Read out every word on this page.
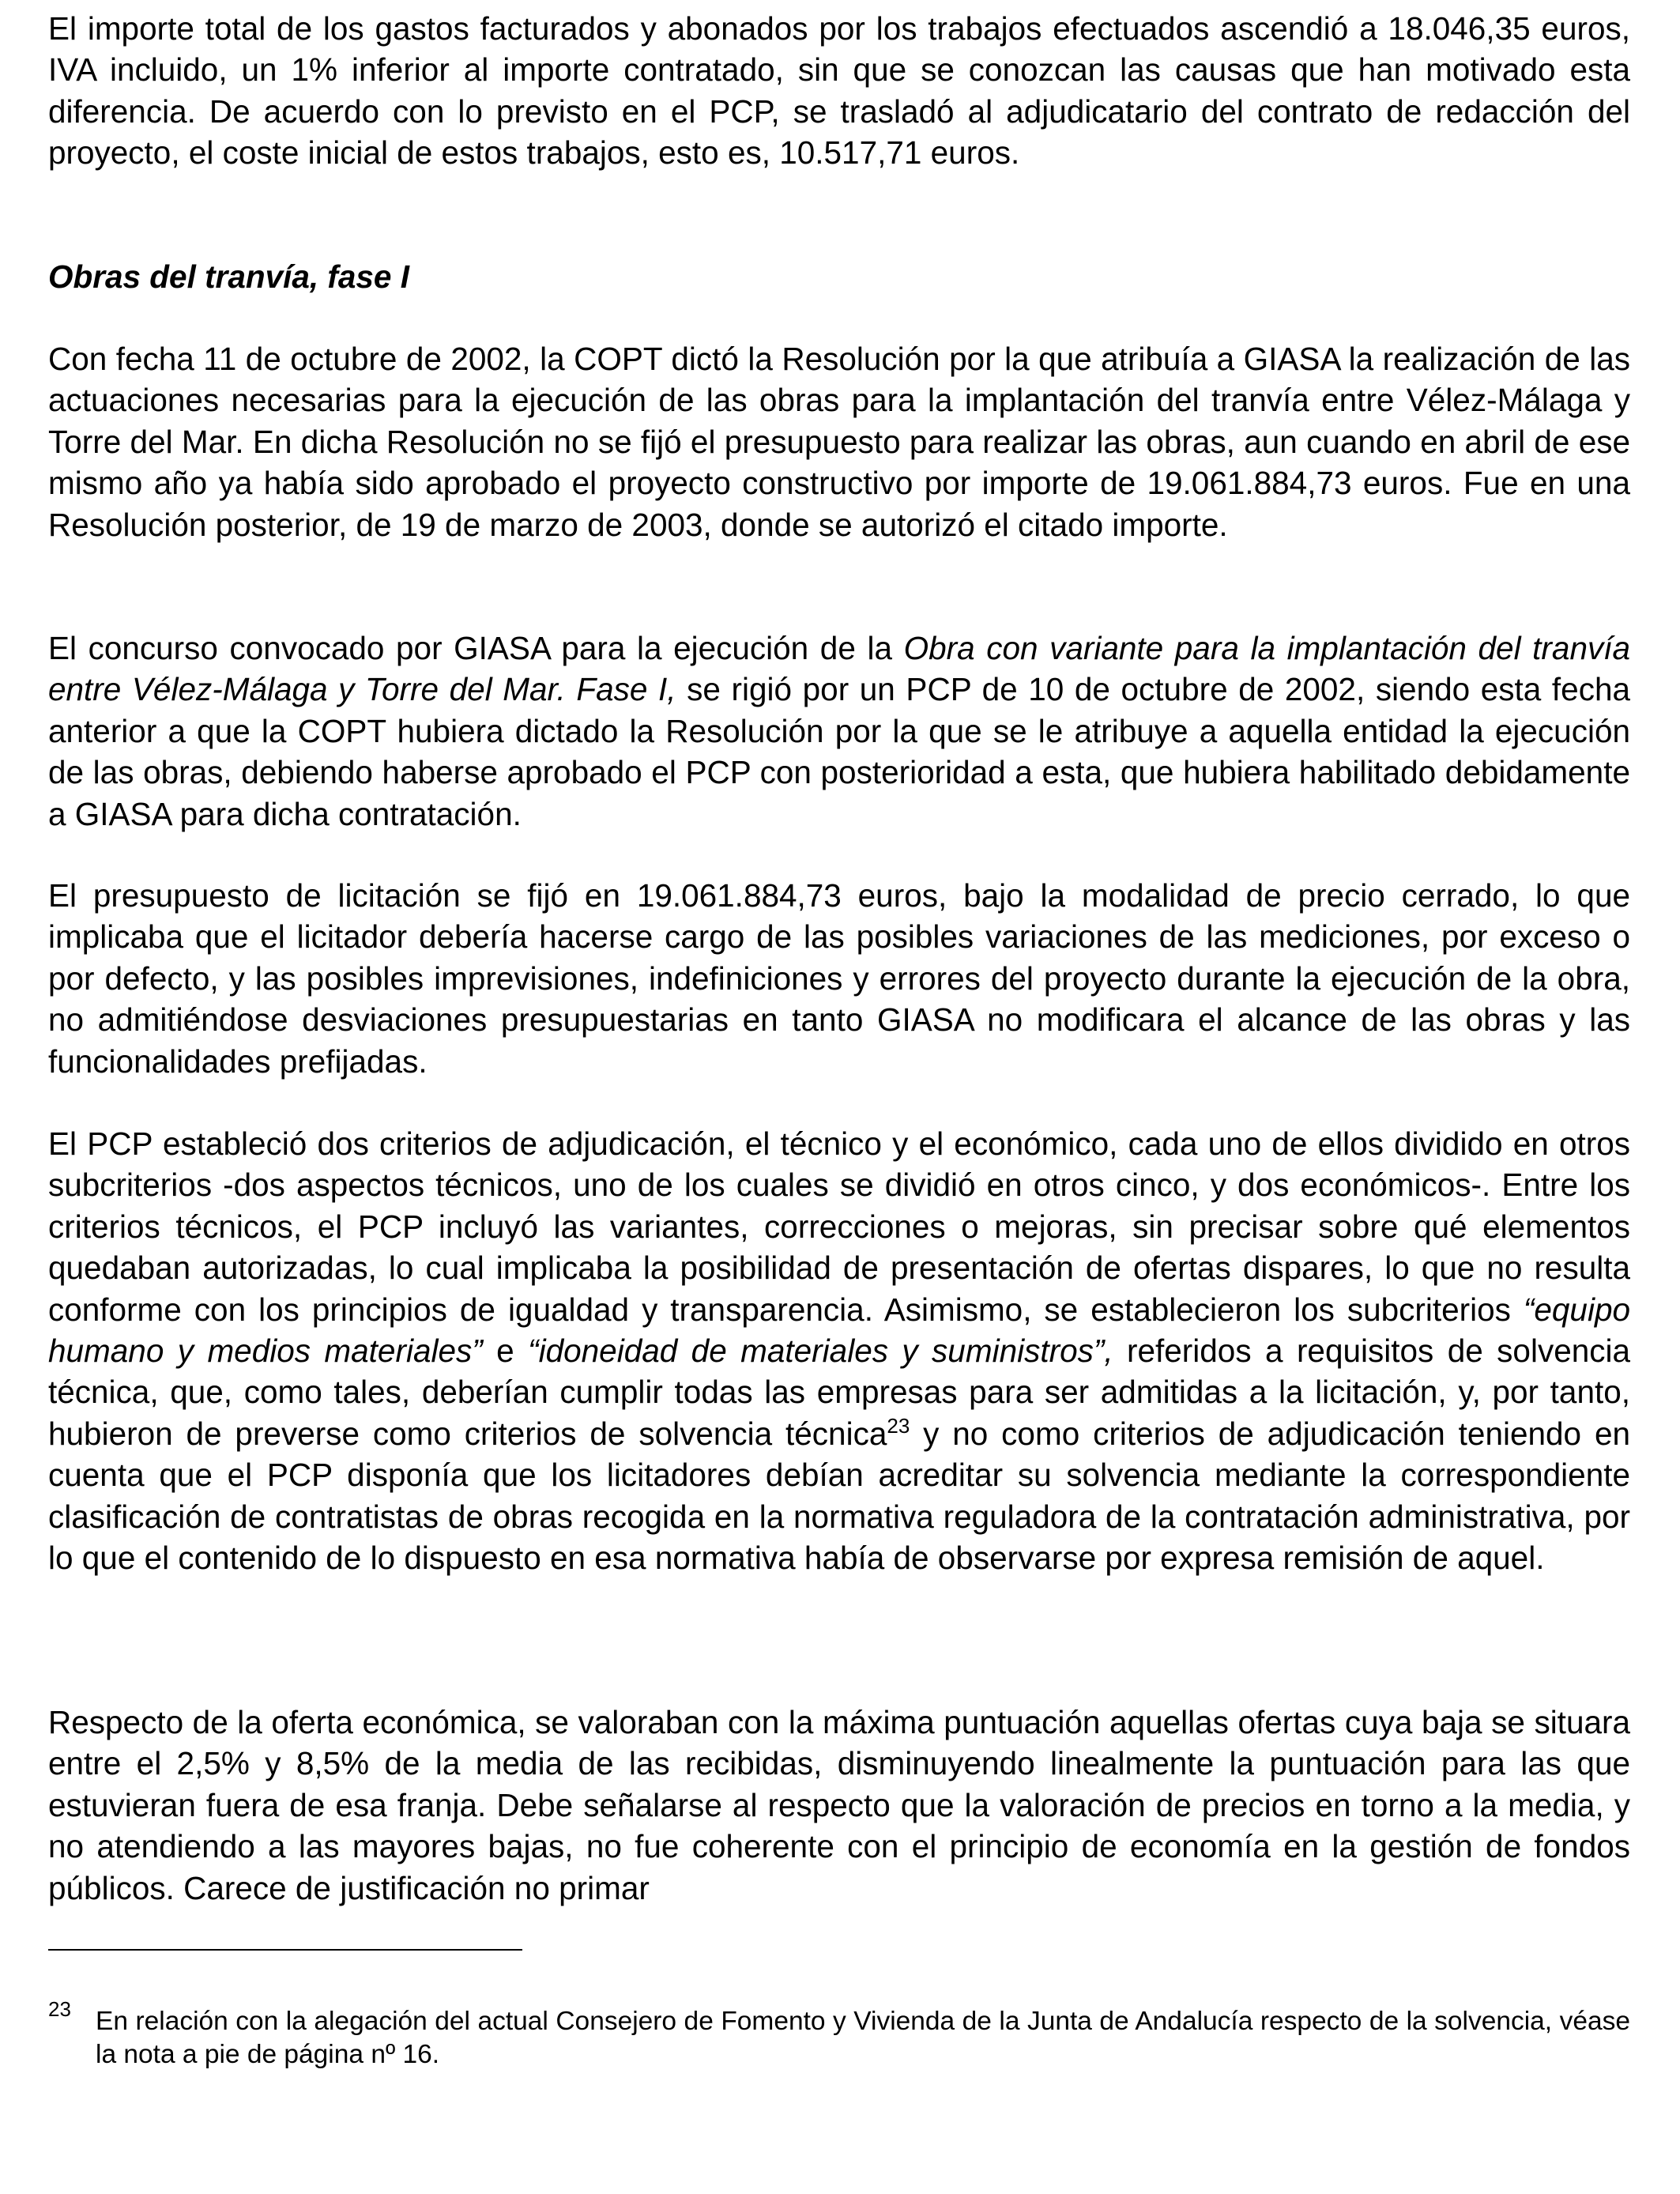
El importe total de los gastos facturados y abonados por los trabajos efectuados ascendió a 18.046,35 euros, IVA incluido, un 1% inferior al importe contratado, sin que se conozcan las causas que han motivado esta diferencia. De acuerdo con lo previsto en el PCP, se trasladó al adjudicatario del contrato de redacción del proyecto, el coste inicial de estos trabajos, esto es, 10.517,71 euros.

Obras del tranvía, fase I

Con fecha 11 de octubre de 2002, la COPT dictó la Resolución por la que atribuía a GIASA la realización de las actuaciones necesarias para la ejecución de las obras para la implantación del tranvía entre Vélez-Málaga y Torre del Mar. En dicha Resolución no se fijó el presupuesto para realizar las obras, aun cuando en abril de ese mismo año ya había sido aprobado el proyecto constructivo por importe de 19.061.884,73 euros. Fue en una Resolución posterior, de 19 de marzo de 2003, donde se autorizó el citado importe.

El concurso convocado por GIASA para la ejecución de la Obra con variante para la implantación del tranvía entre Vélez-Málaga y Torre del Mar. Fase I, se rigió por un PCP de 10 de octubre de 2002, siendo esta fecha anterior a que la COPT hubiera dictado la Resolución por la que se le atribuye a aquella entidad la ejecución de las obras, debiendo haberse aprobado el PCP con posterioridad a esta, que hubiera habilitado debidamente a GIASA para dicha contratación.

El presupuesto de licitación se fijó en 19.061.884,73 euros, bajo la modalidad de precio cerrado, lo que implicaba que el licitador debería hacerse cargo de las posibles variaciones de las mediciones, por exceso o por defecto, y las posibles imprevisiones, indefiniciones y errores del proyecto durante la ejecución de la obra, no admitiéndose desviaciones presupuestarias en tanto GIASA no modificara el alcance de las obras y las funcionalidades prefijadas.

El PCP estableció dos criterios de adjudicación, el técnico y el económico, cada uno de ellos dividido en otros subcriterios -dos aspectos técnicos, uno de los cuales se dividió en otros cinco, y dos económicos-. Entre los criterios técnicos, el PCP incluyó las variantes, correcciones o mejoras, sin precisar sobre qué elementos quedaban autorizadas, lo cual implicaba la posibilidad de presentación de ofertas dispares, lo que no resulta conforme con los principios de igualdad y transparencia. Asimismo, se establecieron los subcriterios “equipo humano y medios materiales” e “idoneidad de materiales y suministros”, referidos a requisitos de solvencia técnica, que, como tales, deberían cumplir todas las empresas para ser admitidas a la licitación, y, por tanto, hubieron de preverse como criterios de solvencia técnica$^{23}$ y no como criterios de adjudicación teniendo en cuenta que el PCP disponía que los licitadores debían acreditar su solvencia mediante la correspondiente clasificación de contratistas de obras recogida en la normativa reguladora de la contratación administrativa, por lo que el contenido de lo dispuesto en esa normativa había de observarse por expresa remisión de aquel.

Respecto de la oferta económica, se valoraban con la máxima puntuación aquellas ofertas cuya baja se situara entre el 2,5% y 8,5% de la media de las recibidas, disminuyendo linealmente la puntuación para las que estuvieran fuera de esa franja. Debe señalarse al respecto que la valoración de precios en torno a la media, y no atendiendo a las mayores bajas, no fue coherente con el principio de economía en la gestión de fondos públicos. Carece de justificación no primar

23 En relación con la alegación del actual Consejero de Fomento y Vivienda de la Junta de Andalucía respecto de la solvencia, véase la nota a pie de página nº 16.
